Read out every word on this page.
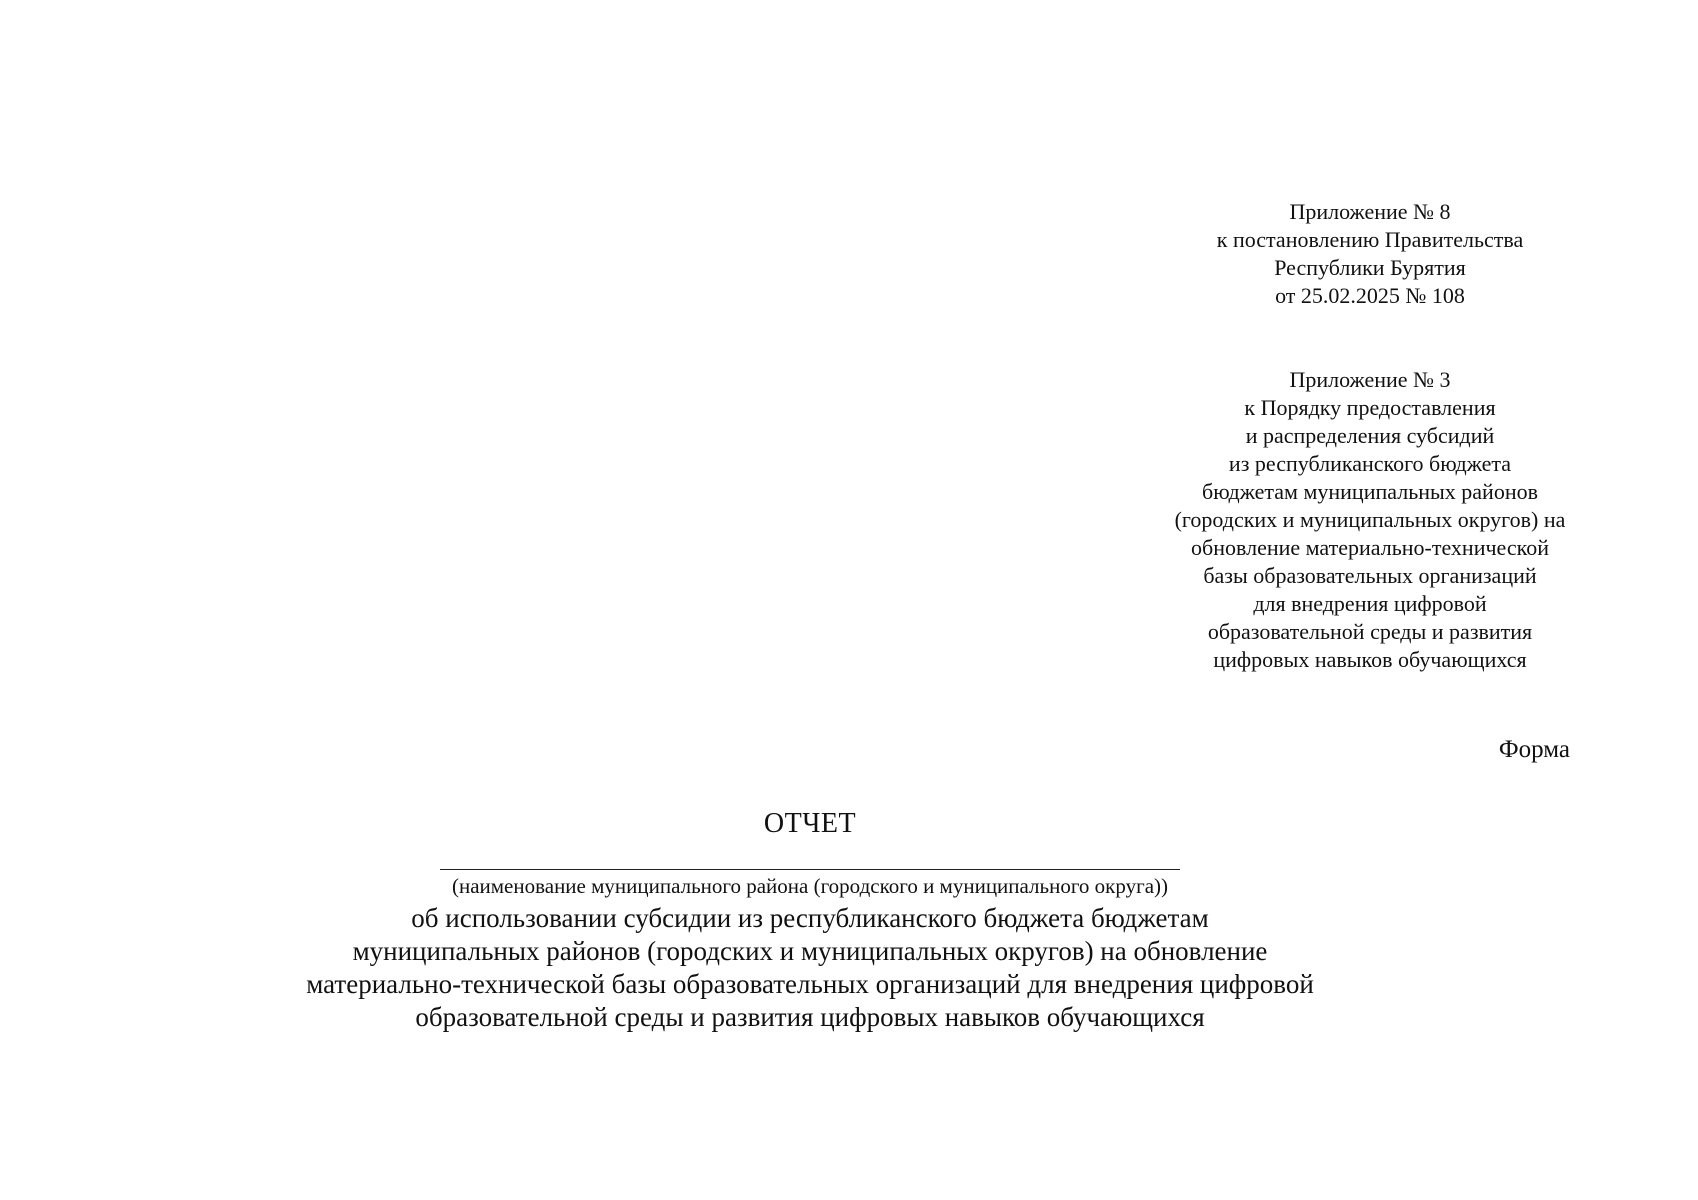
Приложение № 8
к постановлению Правительства
Республики Бурятия
от 25.02.2025 № 108
Приложение № 3
к Порядку предоставления
и распределения субсидий
из республиканского бюджета
бюджетам муниципальных районов
(городских и муниципальных округов) на
обновление материально-технической
базы образовательных организаций
для внедрения цифровой
образовательной среды и развития
цифровых навыков обучающихся
Форма
ОТЧЕТ
(наименование муниципального района (городского и муниципального округа))
об использовании субсидии из республиканского бюджета бюджетам
муниципальных районов (городских и муниципальных округов) на обновление
материально-технической базы образовательных организаций для внедрения цифровой
образовательной среды и развития цифровых навыков обучающихся
